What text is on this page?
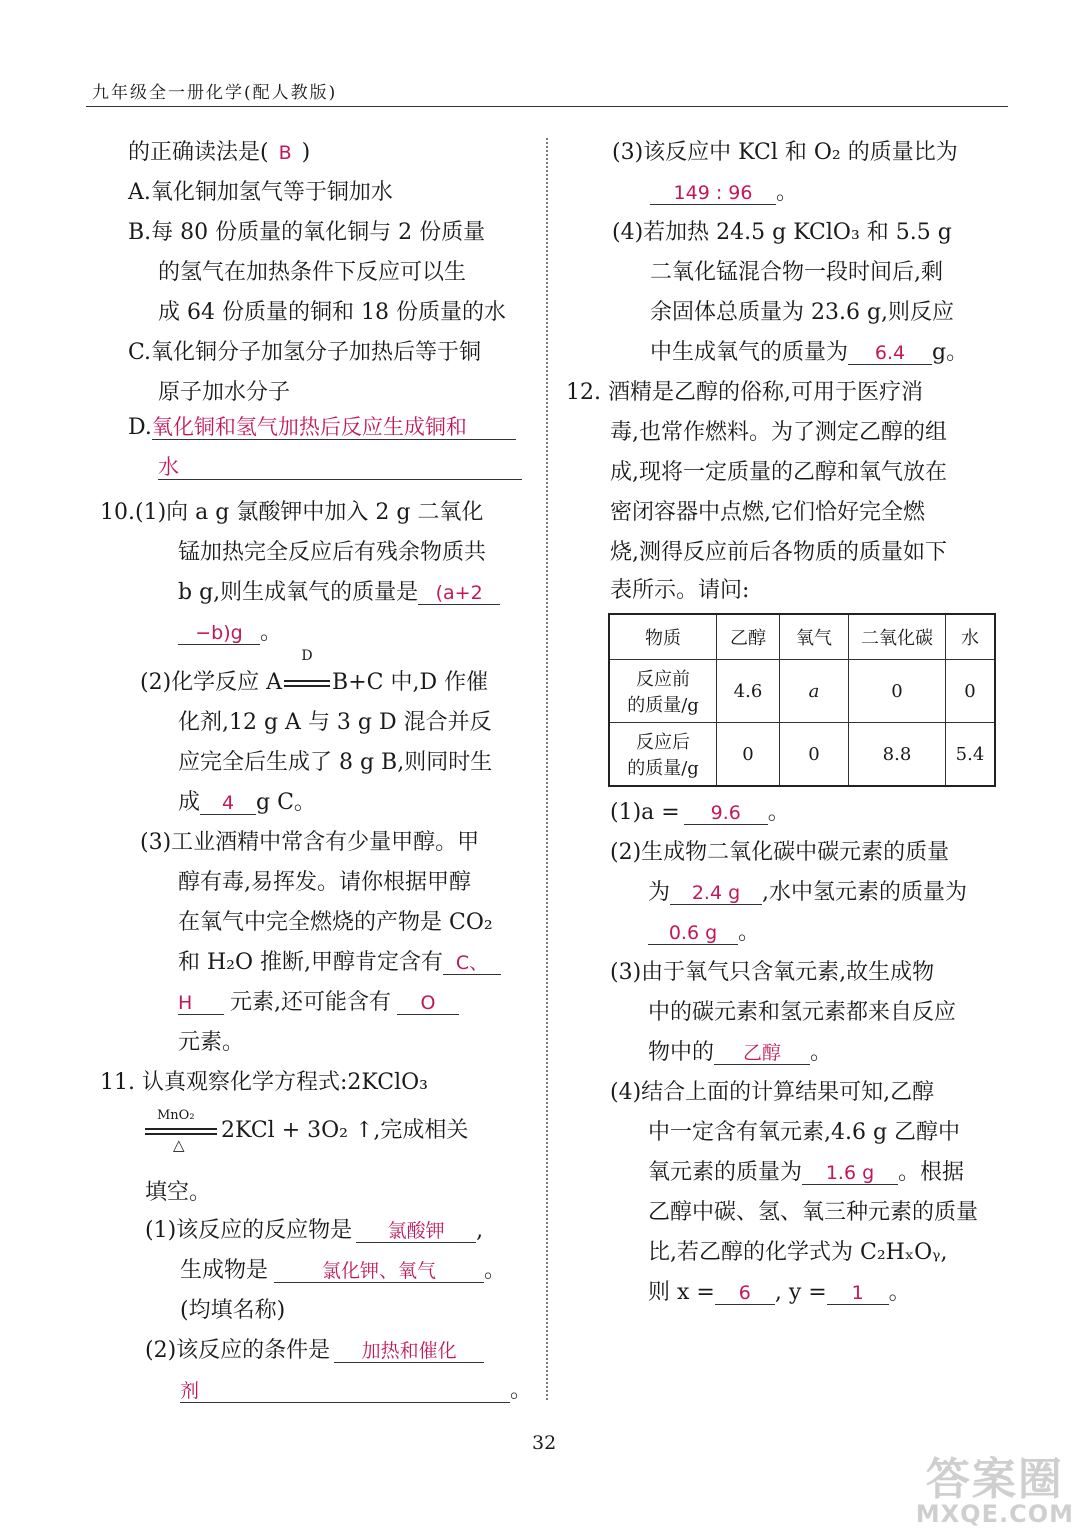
九年级全一册化学(配人教版)
的正确读法是( B )
A.氧化铜加氢气等于铜加水
B.每 80 份质量的氧化铜与 2 份质量
的氢气在加热条件下反应可以生
成 64 份质量的铜和 18 份质量的水
C.氧化铜分子加氢分子加热后等于铜
原子加水分子
D.氧化铜和氢气加热后反应生成铜和
水
10.(1)向 a g 氯酸钾中加入 2 g 二氧化
锰加热完全反应后有残余物质共
b g,则生成氧气的质量是 (a+2
−b)g 。
(2)化学反应 A
D
B+C 中,D 作催
化剂,12 g A 与 3 g D 混合并反
应完全后生成了 8 g B,则同时生
成 4 g C。
(3)工业酒精中常含有少量甲醇。甲
醇有毒,易挥发。请你根据甲醇
在氧气中完全燃烧的产物是 CO₂
和 H₂O 推断,甲醇肯定含有 C、
H 元素,还可能含有 O
元素。
11. 认真观察化学方程式:2KClO₃
MnO₂
△
2KCl + 3O₂ ↑,完成相关
填空。
(1)该反应的反应物是 氯酸钾 ,
生成物是	氯化钾、氧气 。
(均填名称)
(2)该反应的条件是 加热和催化
剂	。
(3)该反应中 KCl 和 O₂ 的质量比为
149 : 96 。
(4)若加热 24.5 g KClO₃ 和 5.5 g
二氧化锰混合物一段时间后,剩
余固体总质量为 23.6 g,则反应
中生成氧气的质量为 6.4 g。
12. 酒精是乙醇的俗称,可用于医疗消
毒,也常作燃料。为了测定乙醇的组
成,现将一定质量的乙醇和氧气放在
密闭容器中点燃,它们恰好完全燃
烧,测得反应前后各物质的质量如下
表所示。请问:
物质	乙醇	氧气	二氧化碳	水

反应前
的质量/g	4.6	a	0	0

反应后
的质量/g	0	0	8.8	5.4
(1)a = 9.6 。
(2)生成物二氧化碳中碳元素的质量
为 2.4 g ,水中氢元素的质量为
0.6 g 。
(3)由于氧气只含氧元素,故生成物
中的碳元素和氢元素都来自反应
物中的 乙醇 。
(4)结合上面的计算结果可知,乙醇
中一定含有氧元素,4.6 g 乙醇中
氧元素的质量为 1.6 g 。根据
乙醇中碳、氢、氧三种元素的质量
比,若乙醇的化学式为 C₂HₓOᵧ,
则 x = 6 , y = 1 。
32
答案圈
MXQE.COM
